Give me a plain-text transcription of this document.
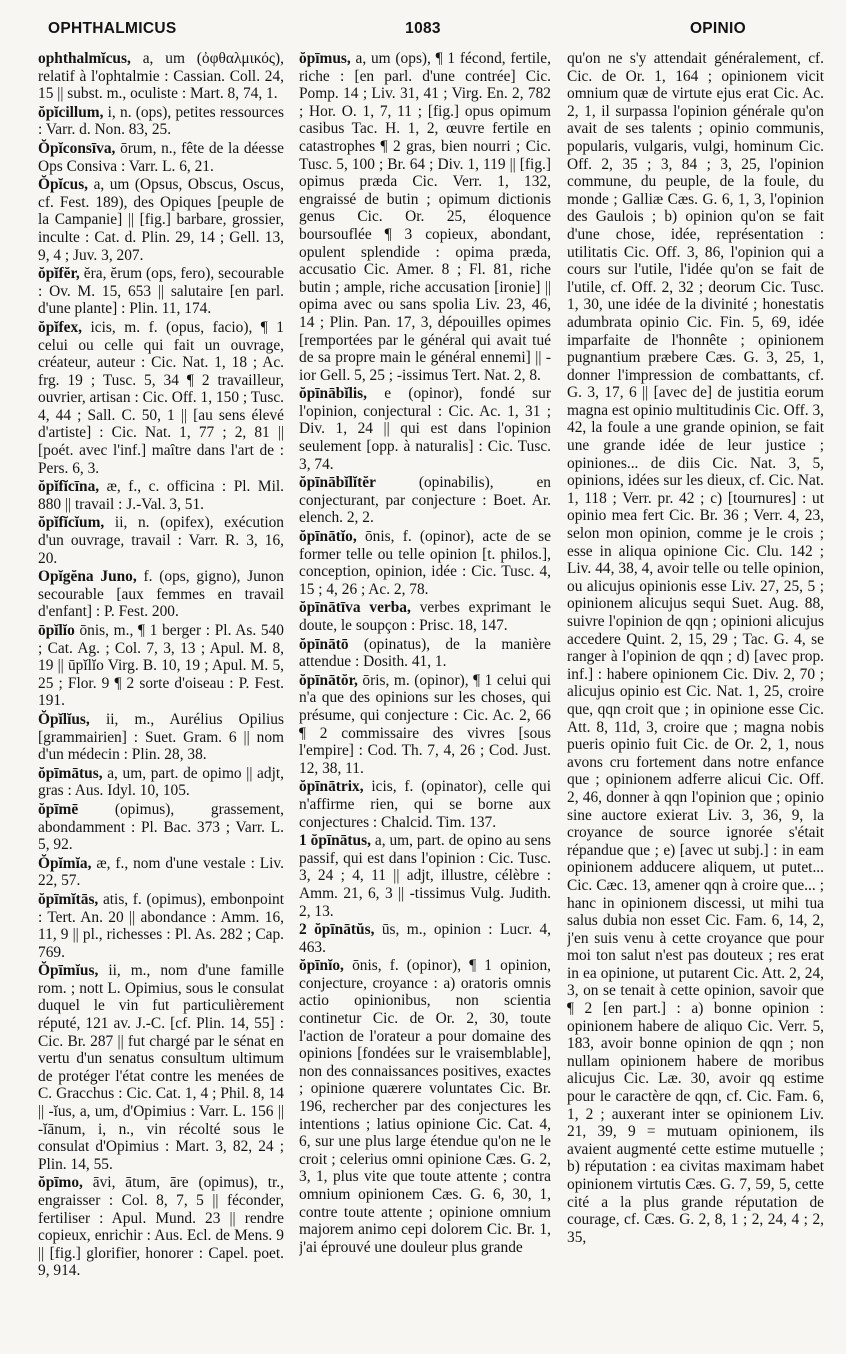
OPHTHALMICUS	1083	OPINIO

ophthalmĭcus, a, um (ὀφθαλμικός), relatif à l'ophtalmie : Cassian. Coll. 24, 15 || subst. m., oculiste : Mart. 8, 74, 1.

ŏpĭcillum, i, n. (ops), petites ressources : Varr. d. Non. 83, 25.

Ŏpĭconsīva, ōrum, n., fête de la déesse Ops Consiva : Varr. L. 6, 21.

Ŏpĭcus, a, um (Opsus, Obscus, Oscus, cf. Fest. 189), des Opiques [peuple de la Campanie] || [fig.] barbare, grossier, inculte : Cat. d. Plin. 29, 14 ; Gell. 13, 9, 4 ; Juv. 3, 207.

ŏpĭfĕr, ĕra, ĕrum (ops, fero), secourable : Ov. M. 15, 653 || salutaire [en parl. d'une plante] : Plin. 11, 174.

ŏpĭfex, icis, m. f. (opus, facio), ¶ 1 celui ou celle qui fait un ouvrage, créateur, auteur : Cic. Nat. 1, 18 ; Ac. frg. 19 ; Tusc. 5, 34 ¶ 2 travailleur, ouvrier, artisan : Cic. Off. 1, 150 ; Tusc. 4, 44 ; Sall. C. 50, 1 || [au sens élevé d'artiste] : Cic. Nat. 1, 77 ; 2, 81 || [poét. avec l'inf.] maître dans l'art de : Pers. 6, 3.

ŏpĭfĭcīna, æ, f., c. officina : Pl. Mil. 880 || travail : J.-Val. 3, 51.

ŏpĭfĭcĭum, ii, n. (opifex), exécution d'un ouvrage, travail : Varr. R. 3, 16, 20.

Opĭgĕna Juno, f. (ops, gigno), Junon secourable [aux femmes en travail d'enfant] : P. Fest. 200.

ōpĭlĭo ōnis, m., ¶ 1 berger : Pl. As. 540 ; Cat. Ag. ; Col. 7, 3, 13 ; Apul. M. 8, 19 || ūpĭlĭo Virg. B. 10, 19 ; Apul. M. 5, 25 ; Flor. 9 ¶ 2 sorte d'oiseau : P. Fest. 191.

Ŏpĭlĭus, ii, m., Aurélius Opilius [grammairien] : Suet. Gram. 6 || nom d'un médecin : Plin. 28, 38.

ŏpīmātus, a, um, part. de opimo || adjt, gras : Aus. Idyl. 10, 105.

ŏpīmē (opimus), grassement, abondamment : Pl. Bac. 373 ; Varr. L. 5, 92.

Ŏpĭmĭa, æ, f., nom d'une vestale : Liv. 22, 57.

ŏpīmĭtās, atis, f. (opimus), embonpoint : Tert. An. 20 || abondance : Amm. 16, 11, 9 || pl., richesses : Pl. As. 282 ; Cap. 769.

Ŏpīmĭus, ii, m., nom d'une famille rom. ; nott L. Opimius, sous le consulat duquel le vin fut particulièrement réputé, 121 av. J.-C. [cf. Plin. 14, 55] : Cic. Br. 287 || fut chargé par le sénat en vertu d'un senatus consultum ultimum de protéger l'état contre les menées de C. Gracchus : Cic. Cat. 1, 4 ; Phil. 8, 14 || -ĭus, a, um, d'Opimius : Varr. L. 156 || -ĭānum, i, n., vin récolté sous le consulat d'Opimius : Mart. 3, 82, 24 ; Plin. 14, 55.

ŏpīmo, āvi, ātum, āre (opimus), tr., engraisser : Col. 8, 7, 5 || féconder, fertiliser : Apul. Mund. 23 || rendre copieux, enrichir : Aus. Ecl. de Mens. 9 || [fig.] glorifier, honorer : Capel. poet. 9, 914.

ŏpīmus, a, um (ops), ¶ 1 fécond, fertile, riche : [en parl. d'une contrée] Cic. Pomp. 14 ; Liv. 31, 41 ; Virg. En. 2, 782 ; Hor. O. 1, 7, 11 ; [fig.] opus opimum casibus Tac. H. 1, 2, œuvre fertile en catastrophes ¶ 2 gras, bien nourri ; Cic. Tusc. 5, 100 ; Br. 64 ; Div. 1, 119 || [fig.] opimus præda Cic. Verr. 1, 132, engraissé de butin ; opimum dictionis genus Cic. Or. 25, éloquence boursouflée ¶ 3 copieux, abondant, opulent splendide : opima præda, accusatio Cic. Amer. 8 ; Fl. 81, riche butin ; ample, riche accusation [ironie] || opima avec ou sans spolia Liv. 23, 46, 14 ; Plin. Pan. 17, 3, dépouilles opimes [remportées par le général qui avait tué de sa propre main le général ennemi] || -ior Gell. 5, 25 ; -issimus Tert. Nat. 2, 8.

ŏpīnābĭlis, e (opinor), fondé sur l'opinion, conjectural : Cic. Ac. 1, 31 ; Div. 1, 24 || qui est dans l'opinion seulement [opp. à naturalis] : Cic. Tusc. 3, 74.

ŏpīnābĭlĭtĕr	(opinabilis), en conjecturant, par conjecture : Boet. Ar. elench. 2, 2.

ŏpīnātĭo, ōnis, f. (opinor), acte de se former telle ou telle opinion [t. philos.], conception, opinion, idée : Cic. Tusc. 4, 15 ; 4, 26 ; Ac. 2, 78.

ŏpīnātīva verba, verbes exprimant le doute, le soupçon : Prisc. 18, 147.

ŏpīnātō (opinatus), de la manière attendue : Dosith. 41, 1.

ŏpīnātŏr, ōris, m. (opinor), ¶ 1 celui qui n'a que des opinions sur les choses, qui présume, qui conjecture : Cic. Ac. 2, 66 ¶ 2 commissaire des vivres [sous l'empire] : Cod. Th. 7, 4, 26 ; Cod. Just. 12, 38, 11.

ŏpīnātrix, icis, f. (opinator), celle qui n'affirme rien, qui se borne aux conjectures : Chalcid. Tim. 137.

1 ŏpīnātus, a, um, part. de opino au sens passif, qui est dans l'opinion : Cic. Tusc. 3, 24 ; 4, 11 || adjt, illustre, célèbre : Amm. 21, 6, 3 || -tissimus Vulg. Judith. 2, 13.

2 ŏpīnātŭs, ūs, m., opinion : Lucr. 4, 463.

ŏpīnĭo, ōnis, f. (opinor), ¶ 1 opinion, conjecture, croyance : a) oratoris omnis actio opinionibus, non scientia continetur Cic. de Or. 2, 30, toute l'action de l'orateur a pour domaine des opinions [fondées sur le vraisemblable], non des connaissances positives, exactes ; opinione quærere voluntates Cic. Br. 196, rechercher par des conjectures les intentions ; latius opinione Cic. Cat. 4, 6, sur une plus large étendue qu'on ne le croit ; celerius omni opinione Cæs. G. 2, 3, 1, plus vite que toute attente ; contra omnium opinionem Cæs. G. 6, 30, 1, contre toute attente ; opinione omnium majorem animo cepi dolorem Cic. Br. 1, j'ai éprouvé une douleur plus grande

qu'on ne s'y attendait généralement, cf. Cic. de Or. 1, 164 ; opinionem vicit omnium quæ de virtute ejus erat Cic. Ac. 2, 1, il surpassa l'opinion générale qu'on avait de ses talents ; opinio communis, popularis, vulgaris, vulgi, hominum Cic. Off. 2, 35 ; 3, 84 ; 3, 25, l'opinion commune, du peuple, de la foule, du monde ; Galliæ Cæs. G. 6, 1, 3, l'opinion des Gaulois ; b) opinion qu'on se fait d'une chose, idée, représentation : utilitatis Cic. Off. 3, 86, l'opinion qui a cours sur l'utile, l'idée qu'on se fait de l'utile, cf. Off. 2, 32 ; deorum Cic. Tusc. 1, 30, une idée de la divinité ; honestatis adumbrata opinio Cic. Fin. 5, 69, idée imparfaite de l'honnête ; opinionem pugnantium præbere Cæs. G. 3, 25, 1, donner l'impression de combattants, cf. G. 3, 17, 6 || [avec de] de justitia eorum magna est opinio multitudinis Cic. Off. 3, 42, la foule a une grande opinion, se fait une grande idée de leur justice ; opiniones... de diis Cic. Nat. 3, 5, opinions, idées sur les dieux, cf. Cic. Nat. 1, 118 ; Verr. pr. 42 ; c) [tournures] : ut opinio mea fert Cic. Br. 36 ; Verr. 4, 23, selon mon opinion, comme je le crois ; esse in aliqua opinione Cic. Clu. 142 ; Liv. 44, 38, 4, avoir telle ou telle opinion, ou alicujus opinionis esse Liv. 27, 25, 5 ; opinionem alicujus sequi Suet. Aug. 88, suivre l'opinion de qqn ; opinioni alicujus accedere Quint. 2, 15, 29 ; Tac. G. 4, se ranger à l'opinion de qqn ; d) [avec prop. inf.] : habere opinionem Cic. Div. 2, 70 ; alicujus opinio est Cic. Nat. 1, 25, croire que, qqn croit que ; in opinione esse Cic. Att. 8, 11d, 3, croire que ; magna nobis pueris opinio fuit Cic. de Or. 2, 1, nous avons cru fortement dans notre enfance que ; opinionem adferre alicui Cic. Off. 2, 46, donner à qqn l'opinion que ; opinio sine auctore exierat Liv. 3, 36, 9, la croyance de source ignorée s'était répandue que ; e) [avec ut subj.] : in eam opinionem adducere aliquem, ut putet... Cic. Cæc. 13, amener qqn à croire que... ; hanc in opinionem discessi, ut mihi tua salus dubia non esset Cic. Fam. 6, 14, 2, j'en suis venu à cette croyance que pour moi ton salut n'est pas douteux ; res erat in ea opinione, ut putarent Cic. Att. 2, 24, 3, on se tenait à cette opinion, savoir que ¶ 2 [en part.] : a) bonne opinion : opinionem habere de aliquo Cic. Verr. 5, 183, avoir bonne opinion de qqn ; non nullam opinionem habere de moribus alicujus Cic. Læ. 30, avoir qq estime pour le caractère de qqn, cf. Cic. Fam. 6, 1, 2 ; auxerant inter se opinionem Liv. 21, 39, 9 = mutuam opinionem, ils avaient augmenté cette estime mutuelle ; b) réputation : ea civitas maximam habet opinionem virtutis Cæs. G. 7, 59, 5, cette cité a la plus grande réputation de courage, cf. Cæs. G. 2, 8, 1 ; 2, 24, 4 ; 2, 35,
